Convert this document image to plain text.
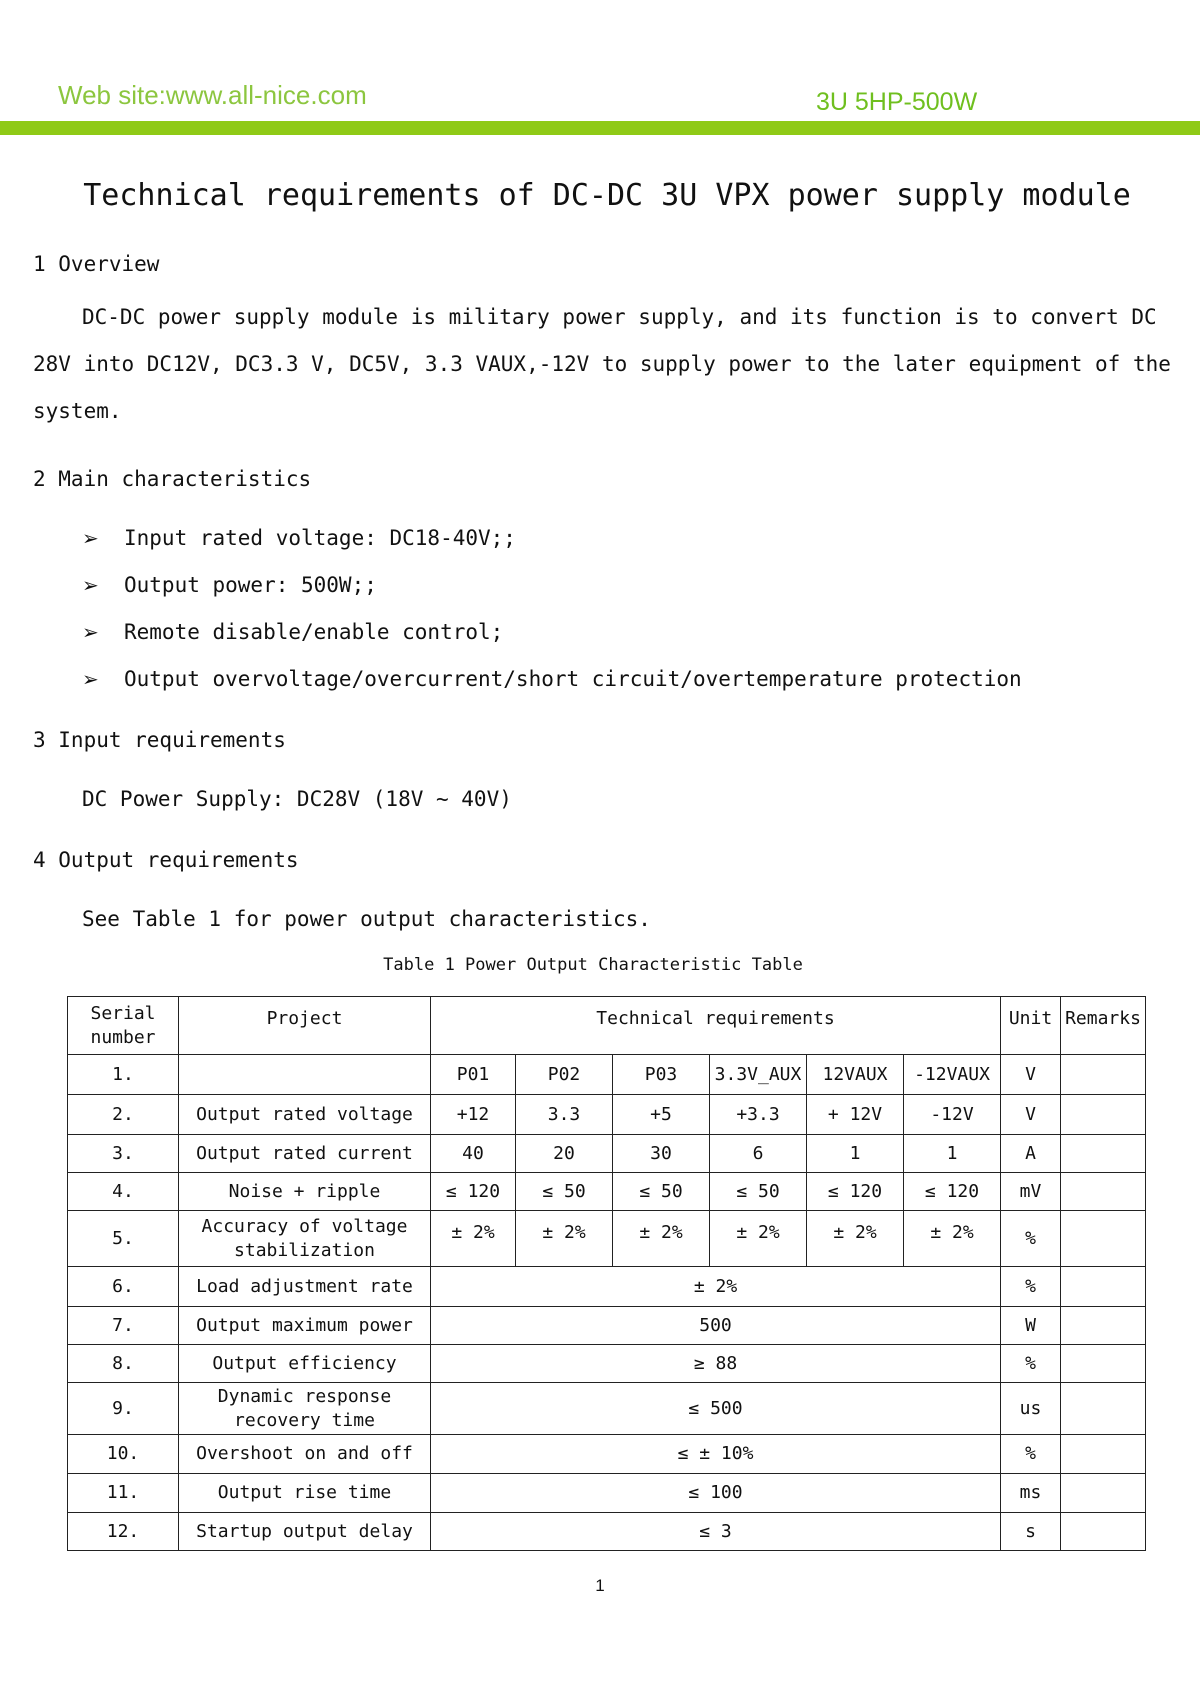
Web site:www.all-nice.com	3U 5HP-500W
Technical requirements of DC-DC 3U VPX power supply module
1 Overview
DC-DC power supply module is military power supply, and its function is to convert DC
28V into DC12V, DC3.3 V, DC5V, 3.3 VAUX,-12V to supply power to the later equipment of the
system.
2 Main characteristics
➢ Input rated voltage: DC18-40V;;
➢ Output power: 500W;;
➢ Remote disable/enable control;
➢ Output overvoltage/overcurrent/short circuit/overtemperature protection
3 Input requirements
DC Power Supply: DC28V (18V ~ 40V)
4 Output requirements
See Table 1 for power output characteristics.
Table 1 Power Output Characteristic Table
Serial number	Project	Technical requirements						Unit	Remarks
1.		P01	P02	P03	3.3V_AUX	12VAUX	-12VAUX	V	
2.	Output rated voltage	+12	3.3	+5	+3.3	+ 12V	-12V	V	
3.	Output rated current	40	20	30	6	1	1	A	
4.	Noise + ripple	≤ 120	≤ 50	≤ 50	≤ 50	≤ 120	≤ 120	mV	
5.	Accuracy of voltage stabilization	± 2%	± 2%	± 2%	± 2%	± 2%	± 2%	%	
6.	Load adjustment rate	± 2%						%	
7.	Output maximum power	500						W	
8.	Output efficiency	≥ 88						%	
9.	Dynamic response recovery time	≤ 500						us	
10.	Overshoot on and off	≤ ± 10%						%	
11.	Output rise time	≤ 100						ms	
12.	Startup output delay	≤ 3						s	
1
